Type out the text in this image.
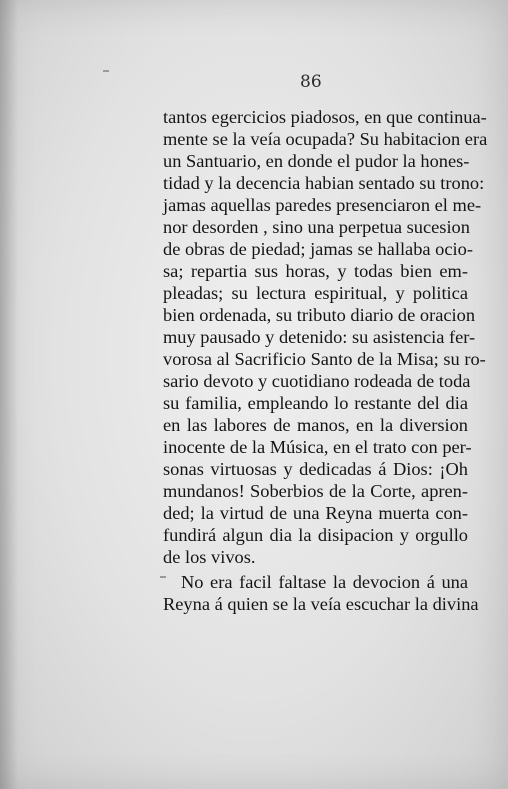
86
tantos egercicios piadosos, en que continua-
mente se la veía ocupada? Su habitacion era
un Santuario, en donde el pudor la hones-
tidad y la decencia habian sentado su trono:
jamas aquellas paredes presenciaron el me-
nor desorden , sino una perpetua sucesion
de obras de piedad; jamas se hallaba ocio-
sa; repartia sus horas, y todas bien em-
pleadas; su lectura espiritual, y politica
bien ordenada, su tributo diario de oracion
muy pausado y detenido: su asistencia fer-
vorosa al Sacrificio Santo de la Misa; su ro-
sario devoto y cuotidiano rodeada de toda
su familia, empleando lo restante del dia
en las labores de manos, en la diversion
inocente de la Música, en el trato con per-
sonas virtuosas y dedicadas á Dios: ¡Oh
mundanos! Soberbios de la Corte, apren-
ded; la virtud de una Reyna muerta con-
fundirá algun dia la disipacion y orgullo
de los vivos.
No era facil faltase la devocion á una
Reyna á quien se la veía escuchar la divina
